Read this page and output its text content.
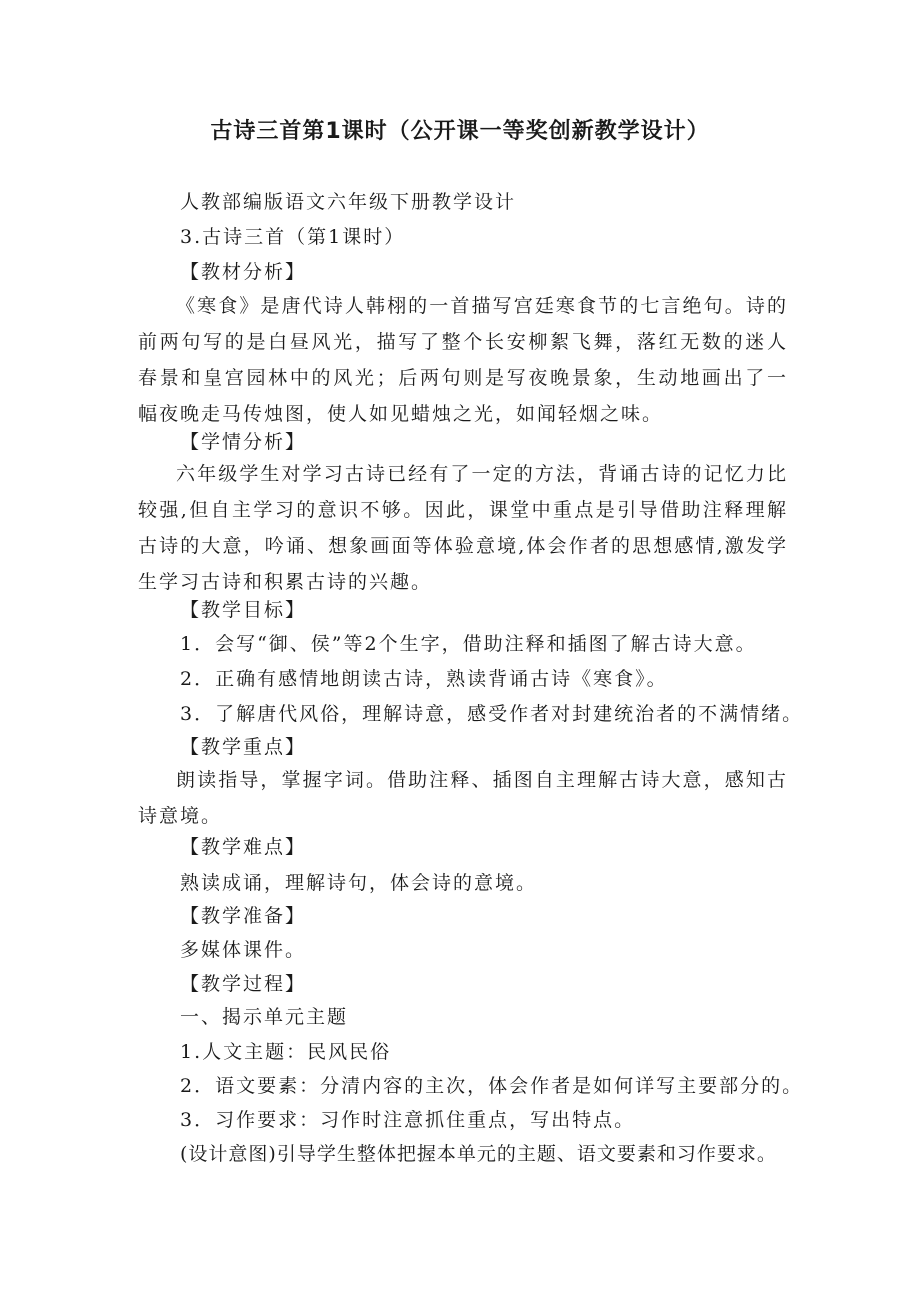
古诗三首第1课时（公开课一等奖创新教学设计）
人教部编版语文六年级下册教学设计
3.古诗三首（第1课时）
【教材分析】
《寒食》是唐代诗人韩栩的一首描写宫廷寒食节的七言绝句。诗的前两句写的是白昼风光，描写了整个长安柳絮飞舞，落红无数的迷人春景和皇宫园林中的风光；后两句则是写夜晚景象，生动地画出了一幅夜晚走马传烛图，使人如见蜡烛之光，如闻轻烟之味。
【学情分析】
六年级学生对学习古诗已经有了一定的方法，背诵古诗的记忆力比较强,但自主学习的意识不够。因此，课堂中重点是引导借助注释理解古诗的大意，吟诵、想象画面等体验意境,体会作者的思想感情,激发学生学习古诗和积累古诗的兴趣。
【教学目标】
1．会写“御、侯”等2个生字，借助注释和插图了解古诗大意。
2．正确有感情地朗读古诗，熟读背诵古诗《寒食》。
3．了解唐代风俗，理解诗意，感受作者对封建统治者的不满情绪。
【教学重点】
朗读指导，掌握字词。借助注释、插图自主理解古诗大意，感知古诗意境。
【教学难点】
熟读成诵，理解诗句，体会诗的意境。
【教学准备】
多媒体课件。
【教学过程】
一、揭示单元主题
1.人文主题：民风民俗
2．语文要素：分清内容的主次，体会作者是如何详写主要部分的。
3．习作要求：习作时注意抓住重点，写出特点。
(设计意图)引导学生整体把握本单元的主题、语文要素和习作要求。
